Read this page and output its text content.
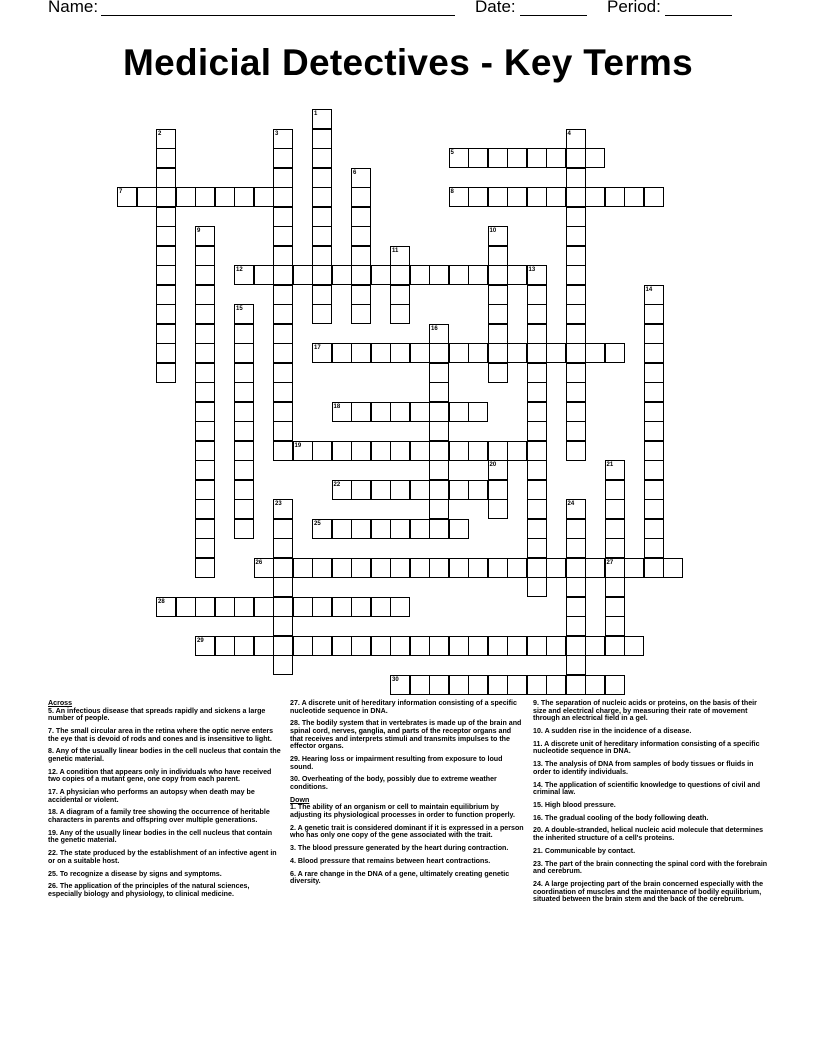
Name:	Date:	Period:
Medicial Detectives - Key Terms
5
7	8
12
17
18
19
22
25
26	27
28
29
30
1
2	3	4
6
9	10
11
13
14
15
16
20	21
23	24
Across

5. An infectious disease that spreads rapidly and sickens a large number of people.

7. The small circular area in the retina where the optic nerve enters the eye that is devoid of rods and cones and is insensitive to light.

8. Any of the usually linear bodies in the cell nucleus that contain the genetic material.

12. A condition that appears only in individuals who have received two copies of a mutant gene, one copy from each parent.

17. A physician who performs an autopsy when death may be accidental or violent.

18. A diagram of a family tree showing the occurrence of heritable characters in parents and offspring over multiple generations.

19. Any of the usually linear bodies in the cell nucleus that contain the genetic material.

22. The state produced by the establishment of an infective agent in or on a suitable host.

25. To recognize a disease by signs and symptoms.

26. The application of the principles of the natural sciences, especially biology and physiology, to clinical medicine.

27. A discrete unit of hereditary information consisting of a specific nucleotide sequence in DNA.

28. The bodily system that in vertebrates is made up of the brain and spinal cord, nerves, ganglia, and parts of the receptor organs and that receives and interprets stimuli and transmits impulses to the effector organs.

29. Hearing loss or impairment resulting from exposure to loud sound.

30. Overheating of the body, possibly due to extreme weather conditions.

Down

1. The ability of an organism or cell to maintain equilibrium by adjusting its physiological processes in order to function properly.

2. A genetic trait is considered dominant if it is expressed in a person who has only one copy of the gene associated with the trait.

3. The blood pressure generated by the heart during contraction.

4. Blood pressure that remains between heart contractions.

6. A rare change in the DNA of a gene, ultimately creating genetic diversity.

9. The separation of nucleic acids or proteins, on the basis of their size and electrical charge, by measuring their rate of movement through an electrical field in a gel.

10. A sudden rise in the incidence of a disease.

11. A discrete unit of hereditary information consisting of a specific nucleotide sequence in DNA.

13. The analysis of DNA from samples of body tissues or fluids in order to identify individuals.

14. The application of scientific knowledge to questions of civil and criminal law.

15. High blood pressure.

16. The gradual cooling of the body following death.

20. A double-stranded, helical nucleic acid molecule that determines the inherited structure of a cell's proteins.

21. Communicable by contact.

23. The part of the brain connecting the spinal cord with the forebrain and cerebrum.

24. A large projecting part of the brain concerned especially with the coordination of muscles and the maintenance of bodily equilibrium, situated between the brain stem and the back of the cerebrum.
